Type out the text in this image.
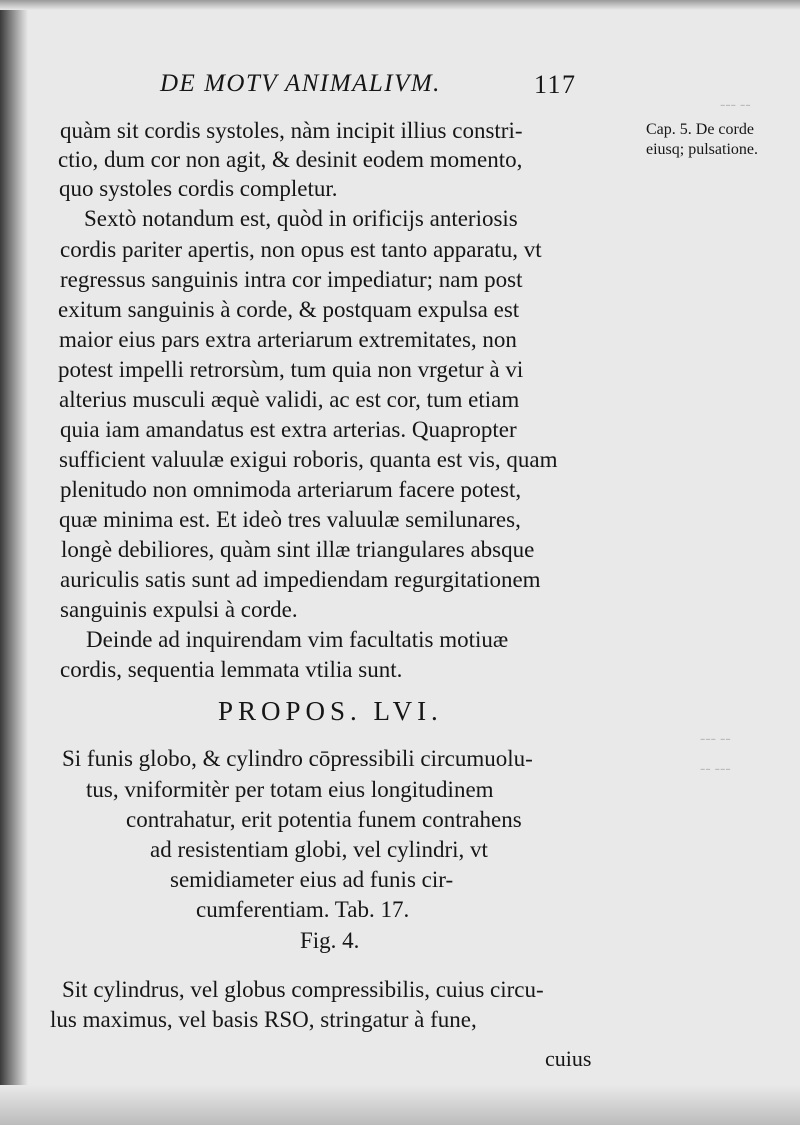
‑‑‑ ‑‑
‑‑‑ ‑‑
‑‑ ‑‑‑
DE MOTV ANIMALIVM.	117
Cap. 5. De corde eiusq; pulsatione.
quàm sit cordis systoles, nàm incipit illius constri-
ctio, dum cor non agit, & desinit eodem momento,
quo systoles cordis completur.
Sextò notandum est, quòd in orificijs anteriosis
cordis pariter apertis, non opus est tanto apparatu, vt
regressus sanguinis intra cor impediatur; nam post
exitum sanguinis à corde, & postquam expulsa est
maior eius pars extra arteriarum extremitates, non
potest impelli retrorsùm, tum quia non vrgetur à vi
alterius musculi æquè validi, ac est cor, tum etiam
quia iam amandatus est extra arterias. Quapropter
sufficient valuulæ exigui roboris, quanta est vis, quam
plenitudo non omnimoda arteriarum facere potest,
quæ minima est. Et ideò tres valuulæ semilunares,
longè debiliores, quàm sint illæ triangulares absque
auriculis satis sunt ad impediendam regurgitationem
sanguinis expulsi à corde.
Deinde ad inquirendam vim facultatis motiuæ
cordis, sequentia lemmata vtilia sunt.
PROPOS. LVI.
Si funis globo, & cylindro cōpressibili circumuolu-
tus, vniformitèr per totam eius longitudinem
contrahatur, erit potentia funem contrahens
ad resistentiam globi, vel cylindri, vt
semidiameter eius ad funis cir-
cumferentiam. Tab. 17.
Fig. 4.
Sit cylindrus, vel globus compressibilis, cuius circu-
lus maximus, vel basis RSO, stringatur à fune,
cuius
